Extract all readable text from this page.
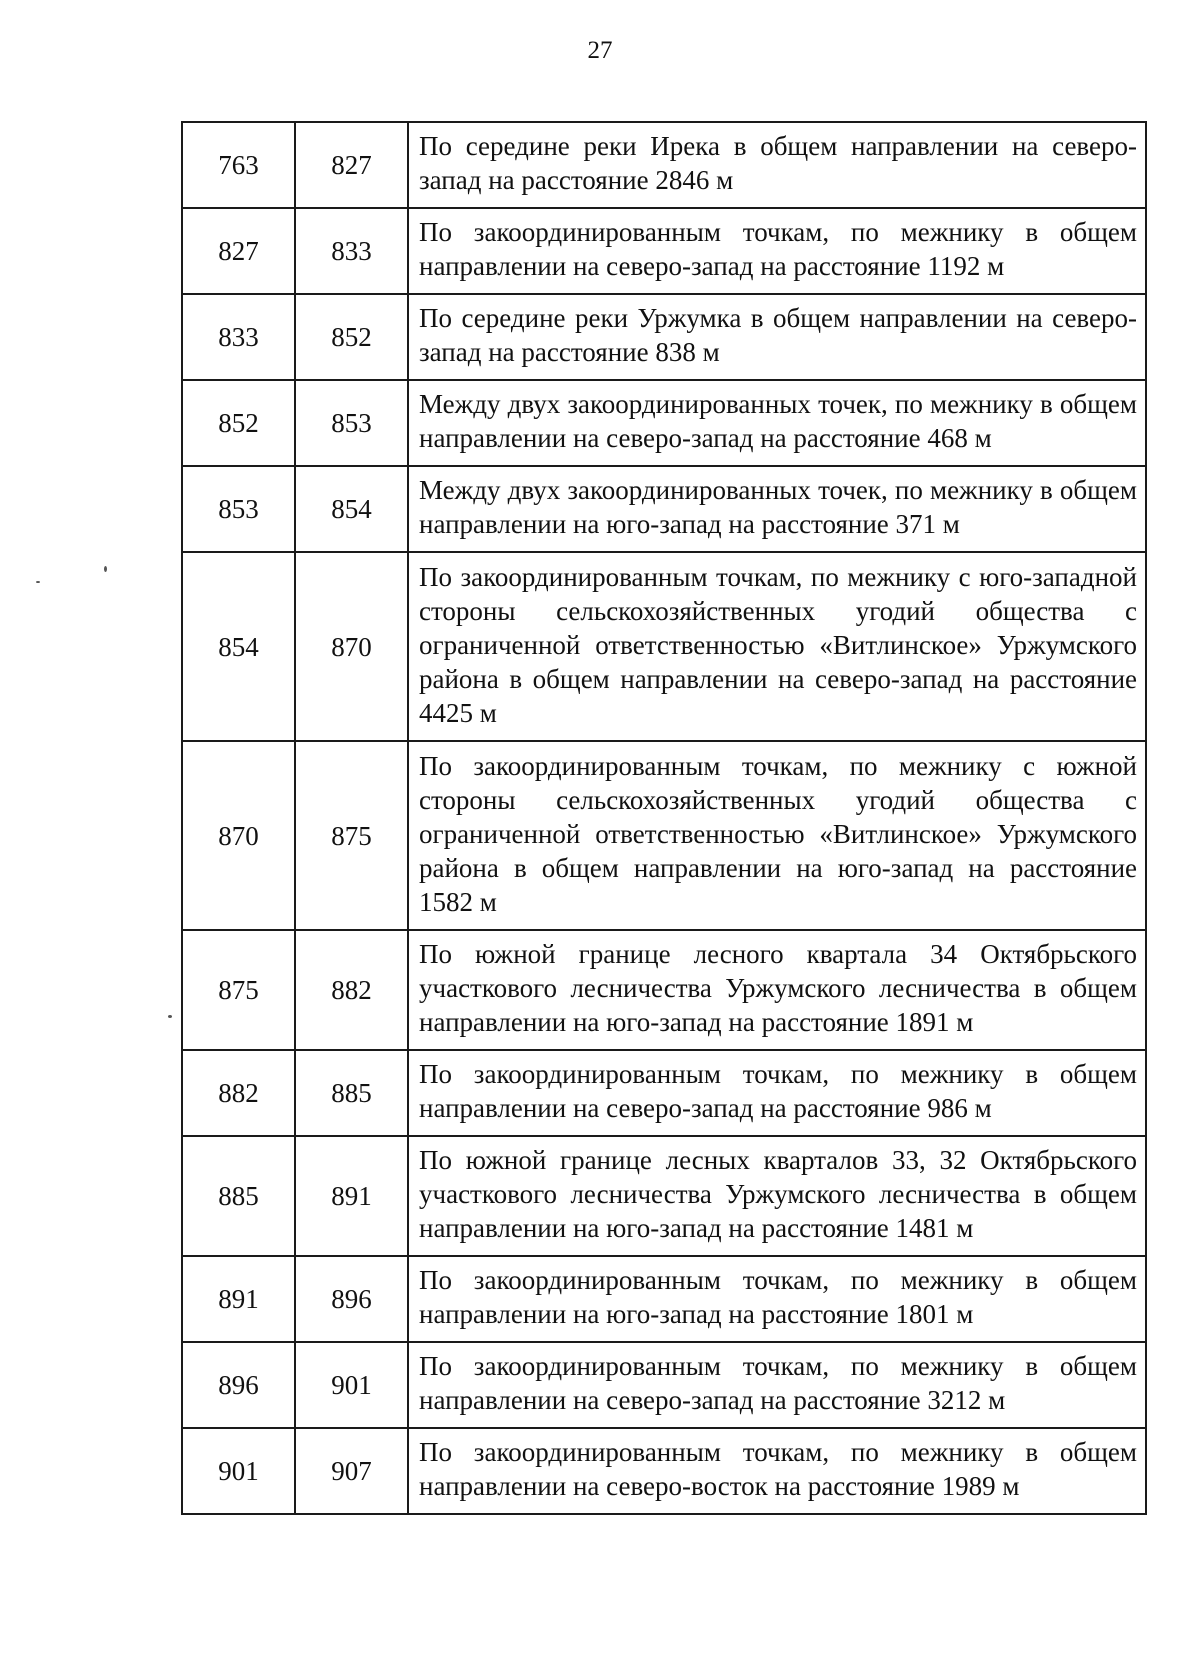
27
763	827	По середине реки Ирека в общем направлении на северо-запад на расстояние 2846 м
827	833	По закоординированным точкам, по межнику в общем направлении на северо-запад на расстояние 1192 м
833	852	По середине реки Уржумка в общем направлении на северо-запад на расстояние 838 м
852	853	Между двух закоординированных точек, по межнику в общем направлении на северо-запад на расстояние 468 м
853	854	Между двух закоординированных точек, по межнику в общем направлении на юго-запад на расстояние 371 м
854	870	По закоординированным точкам, по межнику с юго-западной стороны сельскохозяйственных угодий общества с ограниченной ответственностью «Витлинское» Уржумского района в общем направлении на северо-запад на расстояние 4425 м
870	875	По закоординированным точкам, по межнику с южной стороны сельскохозяйственных угодий общества с ограниченной ответственностью «Витлинское» Уржумского района в общем направлении на юго-запад на расстояние 1582 м
875	882	По южной границе лесного квартала 34 Октябрьского участкового лесничества Уржумского лесничества в общем направлении на юго-запад на расстояние 1891 м
882	885	По закоординированным точкам, по межнику в общем направлении на северо-запад на расстояние 986 м
885	891	По южной границе лесных кварталов 33, 32 Октябрьского участкового лесничества Уржумского лесничества в общем направлении на юго-запад на расстояние 1481 м
891	896	По закоординированным точкам, по межнику в общем направлении на юго-запад на расстояние 1801 м
896	901	По закоординированным точкам, по межнику в общем направлении на северо-запад на расстояние 3212 м
901	907	По закоординированным точкам, по межнику в общем направлении на северо-восток на расстояние 1989 м
